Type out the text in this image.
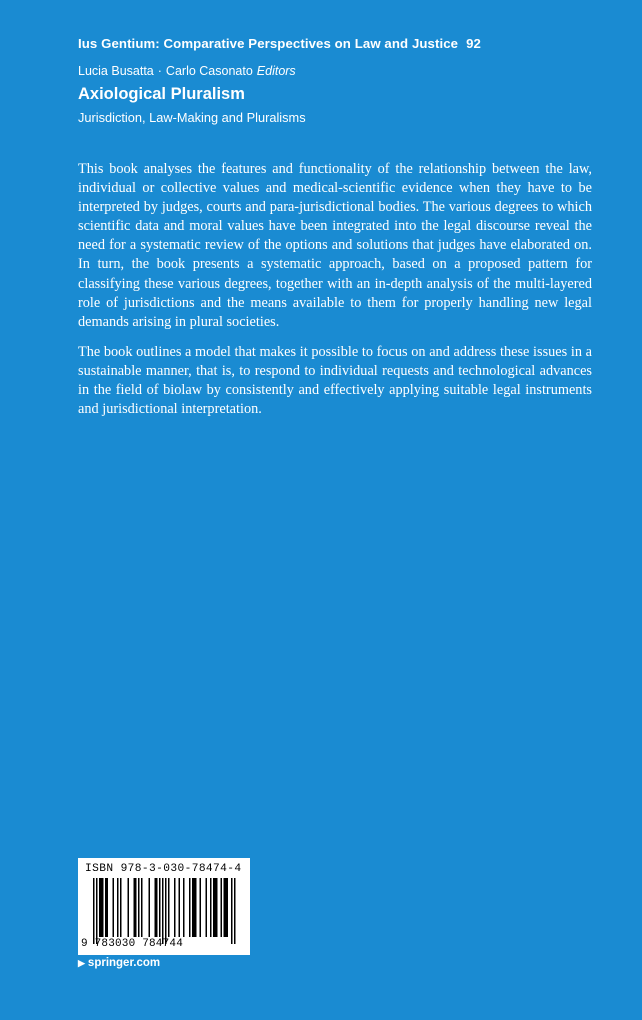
Ius Gentium: Comparative Perspectives on Law and Justice 92
Lucia Busatta · Carlo Casonato Editors
Axiological Pluralism
Jurisdiction, Law-Making and Pluralisms

This book analyses the features and functionality of the relationship between the law, individual or collective values and medical-scientific evidence when they have to be interpreted by judges, courts and para-jurisdictional bodies. The various degrees to which scientific data and moral values have been integrated into the legal discourse reveal the need for a systematic review of the options and solutions that judges have elaborated on. In turn, the book presents a systematic approach, based on a proposed pattern for classifying these various degrees, together with an in-depth analysis of the multi-layered role of jurisdictions and the means available to them for properly handling new legal demands arising in plural societies.

The book outlines a model that makes it possible to focus on and address these issues in a sustainable manner, that is, to respond to individual requests and technological advances in the field of biolaw by consistently and effectively applying suitable legal instruments and jurisdictional interpretation.

ISBN 978-3-030-78474-4
9 783030 784744
▶ springer.com
